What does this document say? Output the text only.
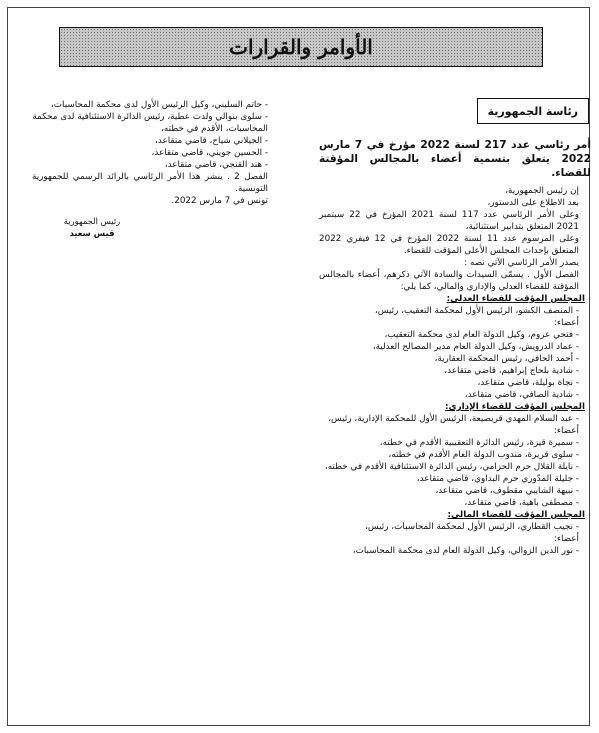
الأوامر والقرارات
رئاسة الجمهورية
أمر رئاسي عدد 217 لسنة 2022 مؤرخ في 7 مارس 2022 يتعلق بتسمية أعضاء بالمجالس المؤقتة للقضاء.
إن رئيس الجمهورية،
بعد الاطلاع على الدستور،
وعلى الأمر الرئاسي عدد 117 لسنة 2021 المؤرخ في 22 سبتمبر 2021 المتعلق بتدابير استثنائية،
وعلى المرسوم عدد 11 لسنة 2022 المؤرخ في 12 فيفري 2022 المتعلق بإحداث المجلس الأعلى المؤقت للقضاء.
يصدر الأمر الرئاسي الآتي نصه :
الفصل الأول . يسمّى السيدات والسادة الآتي ذكرهم، أعضاء بالمجالس المؤقتة للقضاء العدلي والإداري والمالي، كما يلي:
المجلس المؤقت للقضاء العدلي:
- المنصف الكشو، الرئيس الأول لمحكمة التعقيب، رئيس،
أعضاء:
- فتحي عروم، وكيل الدولة العام لدى محكمة التعقيب،
- عماد الدرويش، وكيل الدولة العام مدير المصالح العدلية،
- أحمد الحافي، رئيس المحكمة العقارية،
- شادية بلحاج إبراهيم، قاضي متقاعد،
- نجاة بوليلة، قاضي متقاعد،
- شادية الصافي، قاضي متقاعد،
المجلس المؤقت للقضاء الإداري:
- عبد السلام المهدي قريصيعة، الرئيس الأول للمحكمة الإدارية، رئيس،
أعضاء:
- سميرة قيزة، رئيس الدائرة التعقيبية الأقدم في خطته،
- سلوى قريرة، مندوب الدولة العام الأقدم في خطته،
- نايلة القلال حرم الحزامي، رئيس الدائرة الاستئنافية الأقدم في خطته،
- جليلة المدّوري حرم البداوي، قاضي متقاعد،
- نبيهة الشايبي مقطوف، قاضي متقاعد،
- مصطفى باهية، قاضي متقاعد،
المجلس المؤقت للقضاء المالي:
- نجيب القطاري، الرئيس الأول لمحكمة المحاسبات، رئيس،
أعضاء:
- نور الدين الزوالي، وكيل الدولة العام لدى محكمة المحاسبات،
- حاتم السليني، وكيل الرئيس الأول لدى محكمة المحاسبات،
- سلوى بنوالي ولدت عطية، رئيس الدائرة الاستئنافية لدى محكمة المحاسبات، الأقدم في خطته،
- الجيلاني شياح، قاضي متقاعد،
- الحسين جويني، قاضي متقاعد،
- هند القنجي، قاضي متقاعد،
الفصل 2 . ينشر هذا الأمر الرئاسي بالرائد الرسمي للجمهورية التونسية.
تونس في 7 مارس 2022.
رئيس الجمهورية
قيس سعيد
